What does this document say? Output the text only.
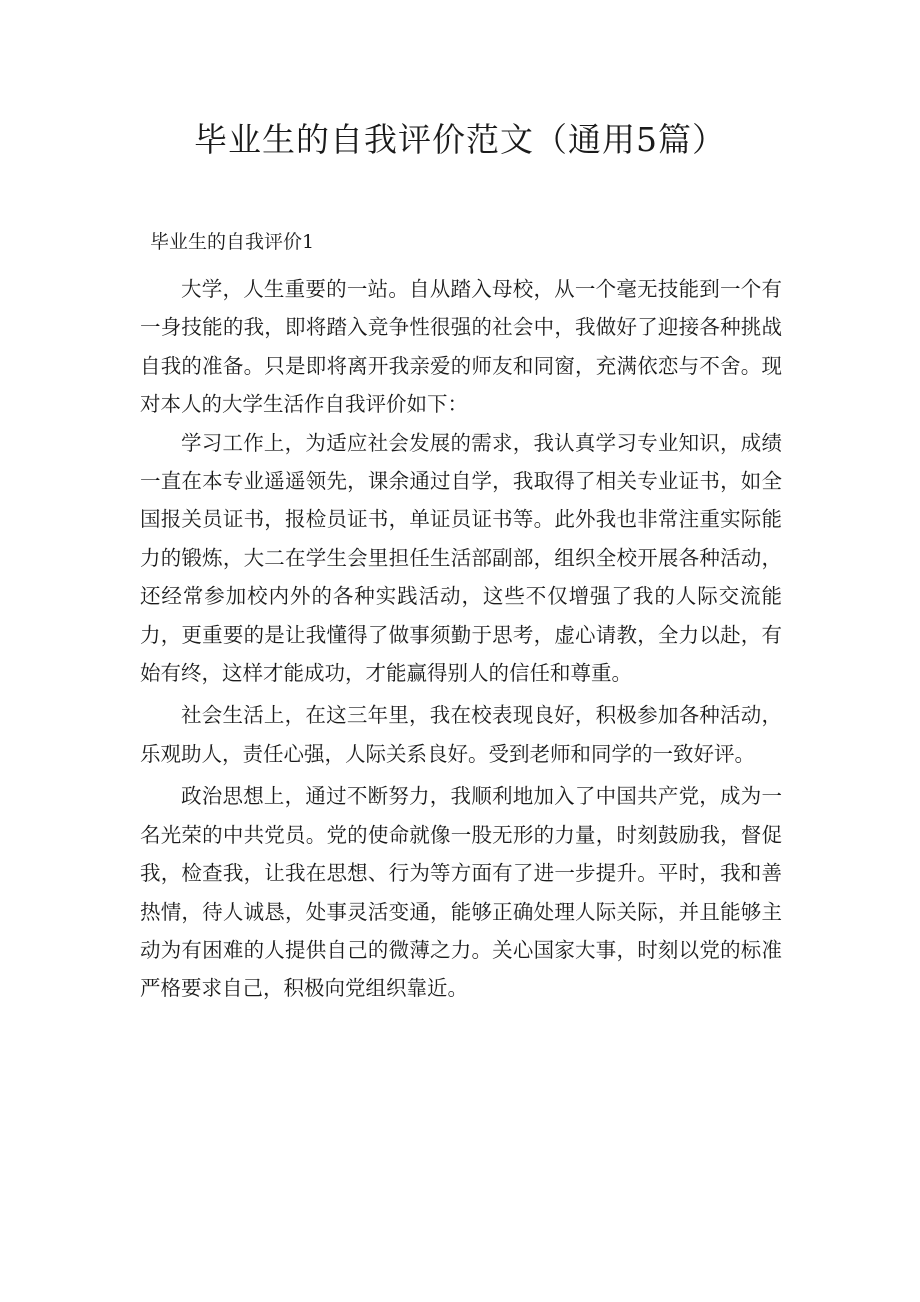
毕业生的自我评价范文（通用5篇）
毕业生的自我评价1

大学，人生重要的一站。自从踏入母校，从一个毫无技能到一个有一身技能的我，即将踏入竞争性很强的社会中，我做好了迎接各种挑战自我的准备。只是即将离开我亲爱的师友和同窗，充满依恋与不舍。现对本人的大学生活作自我评价如下：

学习工作上，为适应社会发展的需求，我认真学习专业知识，成绩一直在本专业遥遥领先，课余通过自学，我取得了相关专业证书，如全国报关员证书，报检员证书，单证员证书等。此外我也非常注重实际能力的锻炼，大二在学生会里担任生活部副部，组织全校开展各种活动，还经常参加校内外的各种实践活动，这些不仅增强了我的人际交流能力，更重要的是让我懂得了做事须勤于思考，虚心请教，全力以赴，有始有终，这样才能成功，才能赢得别人的信任和尊重。

社会生活上，在这三年里，我在校表现良好，积极参加各种活动，乐观助人，责任心强，人际关系良好。受到老师和同学的一致好评。

政治思想上，通过不断努力，我顺利地加入了中国共产党，成为一名光荣的中共党员。党的使命就像一股无形的力量，时刻鼓励我，督促我，检查我，让我在思想、行为等方面有了进一步提升。平时，我和善热情，待人诚恳，处事灵活变通，能够正确处理人际关际，并且能够主动为有困难的人提供自己的微薄之力。关心国家大事，时刻以党的标准严格要求自己，积极向党组织靠近。
